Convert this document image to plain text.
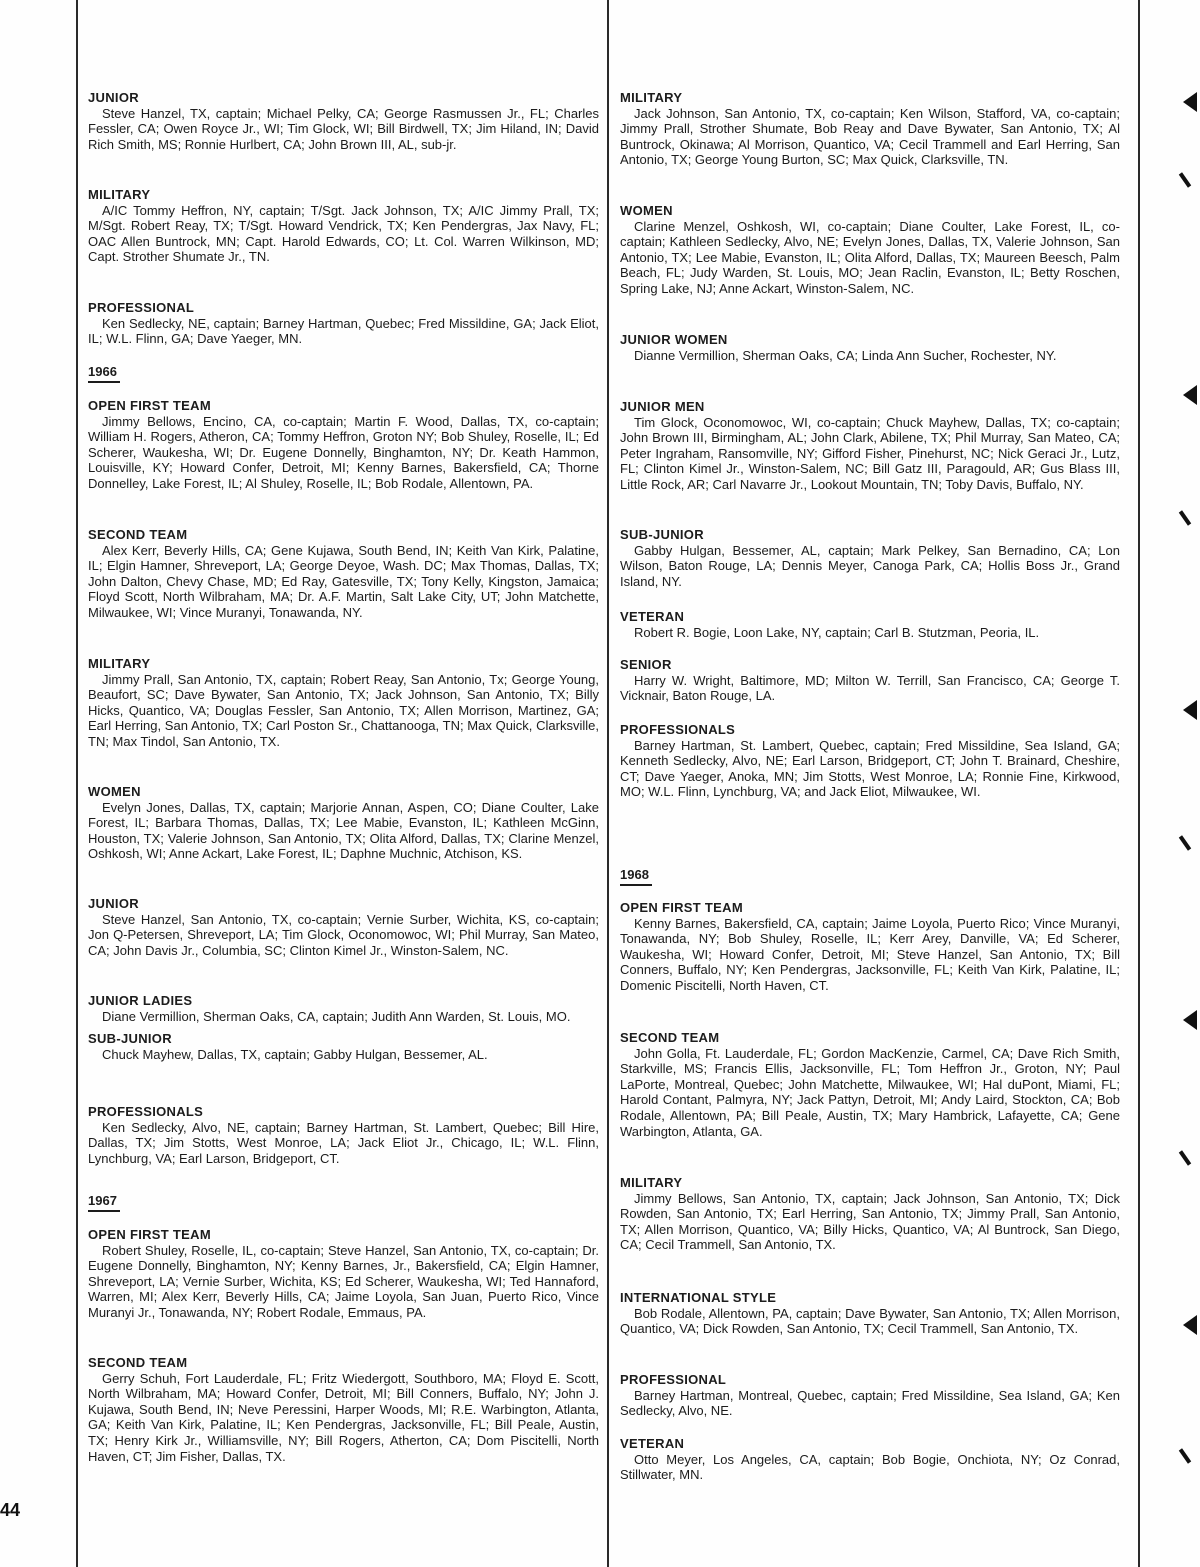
44

JUNIOR

Steve Hanzel, TX, captain; Michael Pelky, CA; George Rasmussen Jr., FL; Charles Fessler, CA; Owen Royce Jr., WI; Tim Glock, WI; Bill Birdwell, TX; Jim Hiland, IN; David Rich Smith, MS; Ronnie Hurlbert, CA; John Brown III, AL, sub-jr.

MILITARY

A/IC Tommy Heffron, NY, captain; T/Sgt. Jack Johnson, TX; A/IC Jimmy Prall, TX; M/Sgt. Robert Reay, TX; T/Sgt. Howard Vendrick, TX; Ken Pendergras, Jax Navy, FL; OAC Allen Buntrock, MN; Capt. Harold Edwards, CO; Lt. Col. Warren Wilkinson, MD; Capt. Strother Shumate Jr., TN.

PROFESSIONAL

Ken Sedlecky, NE, captain; Barney Hartman, Quebec; Fred Missildine, GA; Jack Eliot, IL; W.L. Flinn, GA; Dave Yaeger, MN.

1966

OPEN FIRST TEAM

Jimmy Bellows, Encino, CA, co-captain; Martin F. Wood, Dallas, TX, co-captain; William H. Rogers, Atheron, CA; Tommy Heffron, Groton NY; Bob Shuley, Roselle, IL; Ed Scherer, Waukesha, WI; Dr. Eugene Donnelly, Binghamton, NY; Dr. Keath Hammon, Louisville, KY; Howard Confer, Detroit, MI; Kenny Barnes, Bakersfield, CA; Thorne Donnelley, Lake Forest, IL; Al Shuley, Roselle, IL; Bob Rodale, Allentown, PA.

SECOND TEAM

Alex Kerr, Beverly Hills, CA; Gene Kujawa, South Bend, IN; Keith Van Kirk, Palatine, IL; Elgin Hamner, Shreveport, LA; George Deyoe, Wash. DC; Max Thomas, Dallas, TX; John Dalton, Chevy Chase, MD; Ed Ray, Gatesville, TX; Tony Kelly, Kingston, Jamaica; Floyd Scott, North Wilbraham, MA; Dr. A.F. Martin, Salt Lake City, UT; John Matchette, Milwaukee, WI; Vince Muranyi, Tonawanda, NY.

MILITARY

Jimmy Prall, San Antonio, TX, captain; Robert Reay, San Antonio, Tx; George Young, Beaufort, SC; Dave Bywater, San Antonio, TX; Jack Johnson, San Antonio, TX; Billy Hicks, Quantico, VA; Douglas Fessler, San Antonio, TX; Allen Morrison, Martinez, GA; Earl Herring, San Antonio, TX; Carl Poston Sr., Chattanooga, TN; Max Quick, Clarksville, TN; Max Tindol, San Antonio, TX.

WOMEN

Evelyn Jones, Dallas, TX, captain; Marjorie Annan, Aspen, CO; Diane Coulter, Lake Forest, IL; Barbara Thomas, Dallas, TX; Lee Mabie, Evanston, IL; Kathleen McGinn, Houston, TX; Valerie Johnson, San Antonio, TX; Olita Alford, Dallas, TX; Clarine Menzel, Oshkosh, WI; Anne Ackart, Lake Forest, IL; Daphne Muchnic, Atchison, KS.

JUNIOR

Steve Hanzel, San Antonio, TX, co-captain; Vernie Surber, Wichita, KS, co-captain; Jon Q-Petersen, Shreveport, LA; Tim Glock, Oconomowoc, WI; Phil Murray, San Mateo, CA; John Davis Jr., Columbia, SC; Clinton Kimel Jr., Winston-Salem, NC.

JUNIOR LADIES

Diane Vermillion, Sherman Oaks, CA, captain; Judith Ann Warden, St. Louis, MO.

SUB-JUNIOR

Chuck Mayhew, Dallas, TX, captain; Gabby Hulgan, Bessemer, AL.

PROFESSIONALS

Ken Sedlecky, Alvo, NE, captain; Barney Hartman, St. Lambert, Quebec; Bill Hire, Dallas, TX; Jim Stotts, West Monroe, LA; Jack Eliot Jr., Chicago, IL; W.L. Flinn, Lynchburg, VA; Earl Larson, Bridgeport, CT.

1967

OPEN FIRST TEAM

Robert Shuley, Roselle, IL, co-captain; Steve Hanzel, San Antonio, TX, co-captain; Dr. Eugene Donnelly, Binghamton, NY; Kenny Barnes, Jr., Bakersfield, CA; Elgin Hamner, Shreveport, LA; Vernie Surber, Wichita, KS; Ed Scherer, Waukesha, WI; Ted Hannaford, Warren, MI; Alex Kerr, Beverly Hills, CA; Jaime Loyola, San Juan, Puerto Rico, Vince Muranyi Jr., Tonawanda, NY; Robert Rodale, Emmaus, PA.

SECOND TEAM

Gerry Schuh, Fort Lauderdale, FL; Fritz Wiedergott, Southboro, MA; Floyd E. Scott, North Wilbraham, MA; Howard Confer, Detroit, MI; Bill Conners, Buffalo, NY; John J. Kujawa, South Bend, IN; Neve Peressini, Harper Woods, MI; R.E. Warbington, Atlanta, GA; Keith Van Kirk, Palatine, IL; Ken Pendergras, Jacksonville, FL; Bill Peale, Austin, TX; Henry Kirk Jr., Williamsville, NY; Bill Rogers, Atherton, CA; Dom Piscitelli, North Haven, CT; Jim Fisher, Dallas, TX.

MILITARY

Jack Johnson, San Antonio, TX, co-captain; Ken Wilson, Stafford, VA, co-captain; Jimmy Prall, Strother Shumate, Bob Reay and Dave Bywater, San Antonio, TX; Al Buntrock, Okinawa; Al Morrison, Quantico, VA; Cecil Trammell and Earl Herring, San Antonio, TX; George Young Burton, SC; Max Quick, Clarksville, TN.

WOMEN

Clarine Menzel, Oshkosh, WI, co-captain; Diane Coulter, Lake Forest, IL, co-captain; Kathleen Sedlecky, Alvo, NE; Evelyn Jones, Dallas, TX, Valerie Johnson, San Antonio, TX; Lee Mabie, Evanston, IL; Olita Alford, Dallas, TX; Maureen Beesch, Palm Beach, FL; Judy Warden, St. Louis, MO; Jean Raclin, Evanston, IL; Betty Roschen, Spring Lake, NJ; Anne Ackart, Winston-Salem, NC.

JUNIOR WOMEN

Dianne Vermillion, Sherman Oaks, CA; Linda Ann Sucher, Rochester, NY.

JUNIOR MEN

Tim Glock, Oconomowoc, WI, co-captain; Chuck Mayhew, Dallas, TX; co-captain; John Brown III, Birmingham, AL; John Clark, Abilene, TX; Phil Murray, San Mateo, CA; Peter Ingraham, Ransomville, NY; Gifford Fisher, Pinehurst, NC; Nick Geraci Jr., Lutz, FL; Clinton Kimel Jr., Winston-Salem, NC; Bill Gatz III, Paragould, AR; Gus Blass III, Little Rock, AR; Carl Navarre Jr., Lookout Mountain, TN; Toby Davis, Buffalo, NY.

SUB-JUNIOR

Gabby Hulgan, Bessemer, AL, captain; Mark Pelkey, San Bernadino, CA; Lon Wilson, Baton Rouge, LA; Dennis Meyer, Canoga Park, CA; Hollis Boss Jr., Grand Island, NY.

VETERAN

Robert R. Bogie, Loon Lake, NY, captain; Carl B. Stutzman, Peoria, IL.

SENIOR

Harry W. Wright, Baltimore, MD; Milton W. Terrill, San Francisco, CA; George T. Vicknair, Baton Rouge, LA.

PROFESSIONALS

Barney Hartman, St. Lambert, Quebec, captain; Fred Missildine, Sea Island, GA; Kenneth Sedlecky, Alvo, NE; Earl Larson, Bridgeport, CT; John T. Brainard, Cheshire, CT; Dave Yaeger, Anoka, MN; Jim Stotts, West Monroe, LA; Ronnie Fine, Kirkwood, MO; W.L. Flinn, Lynchburg, VA; and Jack Eliot, Milwaukee, WI.

1968

OPEN FIRST TEAM

Kenny Barnes, Bakersfield, CA, captain; Jaime Loyola, Puerto Rico; Vince Muranyi, Tonawanda, NY; Bob Shuley, Roselle, IL; Kerr Arey, Danville, VA; Ed Scherer, Waukesha, WI; Howard Confer, Detroit, MI; Steve Hanzel, San Antonio, TX; Bill Conners, Buffalo, NY; Ken Pendergras, Jacksonville, FL; Keith Van Kirk, Palatine, IL; Domenic Piscitelli, North Haven, CT.

SECOND TEAM

John Golla, Ft. Lauderdale, FL; Gordon MacKenzie, Carmel, CA; Dave Rich Smith, Starkville, MS; Francis Ellis, Jacksonville, FL; Tom Heffron Jr., Groton, NY; Paul LaPorte, Montreal, Quebec; John Matchette, Milwaukee, WI; Hal duPont, Miami, FL; Harold Contant, Palmyra, NY; Jack Pattyn, Detroit, MI; Andy Laird, Stockton, CA; Bob Rodale, Allentown, PA; Bill Peale, Austin, TX; Mary Hambrick, Lafayette, CA; Gene Warbington, Atlanta, GA.

MILITARY

Jimmy Bellows, San Antonio, TX, captain; Jack Johnson, San Antonio, TX; Dick Rowden, San Antonio, TX; Earl Herring, San Antonio, TX; Jimmy Prall, San Antonio, TX; Allen Morrison, Quantico, VA; Billy Hicks, Quantico, VA; Al Buntrock, San Diego, CA; Cecil Trammell, San Antonio, TX.

INTERNATIONAL STYLE

Bob Rodale, Allentown, PA, captain; Dave Bywater, San Antonio, TX; Allen Morrison, Quantico, VA; Dick Rowden, San Antonio, TX; Cecil Trammell, San Antonio, TX.

PROFESSIONAL

Barney Hartman, Montreal, Quebec, captain; Fred Missildine, Sea Island, GA; Ken Sedlecky, Alvo, NE.

VETERAN

Otto Meyer, Los Angeles, CA, captain; Bob Bogie, Onchiota, NY; Oz Conrad, Stillwater, MN.
